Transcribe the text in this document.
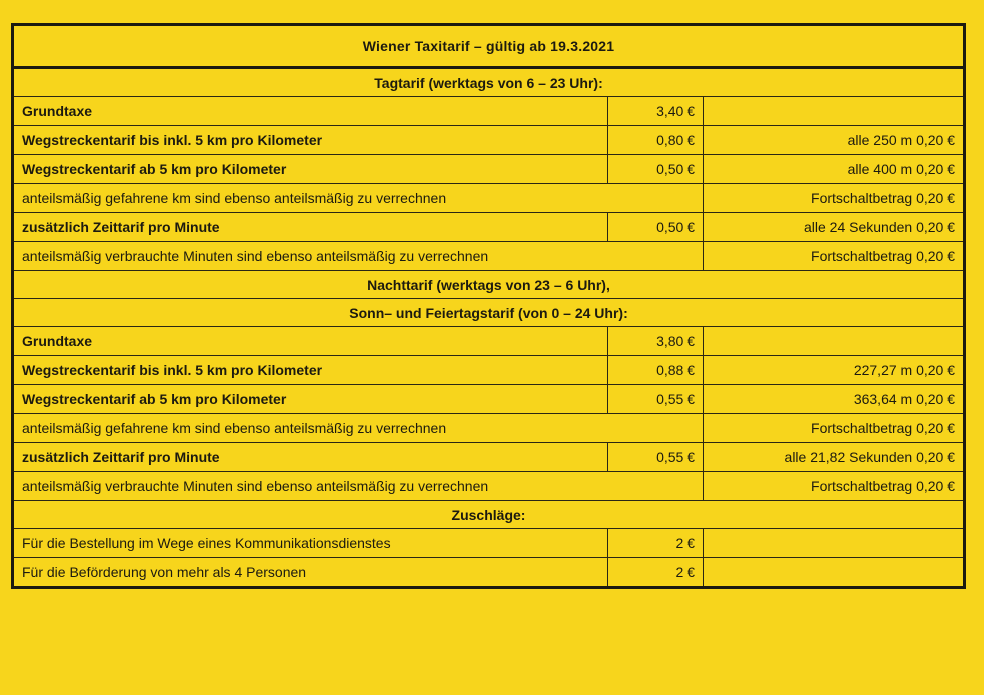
Wiener Taxitarif – gültig ab 19.3.2021		
Tagtarif (werktags von 6 – 23 Uhr):		
Grundtaxe	3,40 €	
Wegstreckentarif bis inkl. 5 km pro Kilometer	0,80 €	alle 250 m 0,20 €
Wegstreckentarif ab 5 km pro Kilometer	0,50 €	alle 400 m 0,20 €
anteilsmäßig gefahrene km sind ebenso anteilsmäßig zu verrechnen		Fortschaltbetrag 0,20 €
zusätzlich Zeittarif pro Minute	0,50 €	alle 24 Sekunden 0,20 €
anteilsmäßig verbrauchte Minuten sind ebenso anteilsmäßig zu verrechnen		Fortschaltbetrag 0,20 €
Nachttarif (werktags von 23 – 6 Uhr),		
Sonn– und Feiertagstarif (von 0 – 24 Uhr):		
Grundtaxe	3,80 €	
Wegstreckentarif bis inkl. 5 km pro Kilometer	0,88 €	227,27 m 0,20 €
Wegstreckentarif ab 5 km pro Kilometer	0,55 €	363,64 m 0,20 €
anteilsmäßig gefahrene km sind ebenso anteilsmäßig zu verrechnen		Fortschaltbetrag 0,20 €
zusätzlich Zeittarif pro Minute	0,55 €	alle 21,82 Sekunden 0,20 €
anteilsmäßig verbrauchte Minuten sind ebenso anteilsmäßig zu verrechnen		Fortschaltbetrag 0,20 €
Zuschläge:		
Für die Bestellung im Wege eines Kommunikationsdienstes	2 €	
Für die Beförderung von mehr als 4 Personen	2 €	
